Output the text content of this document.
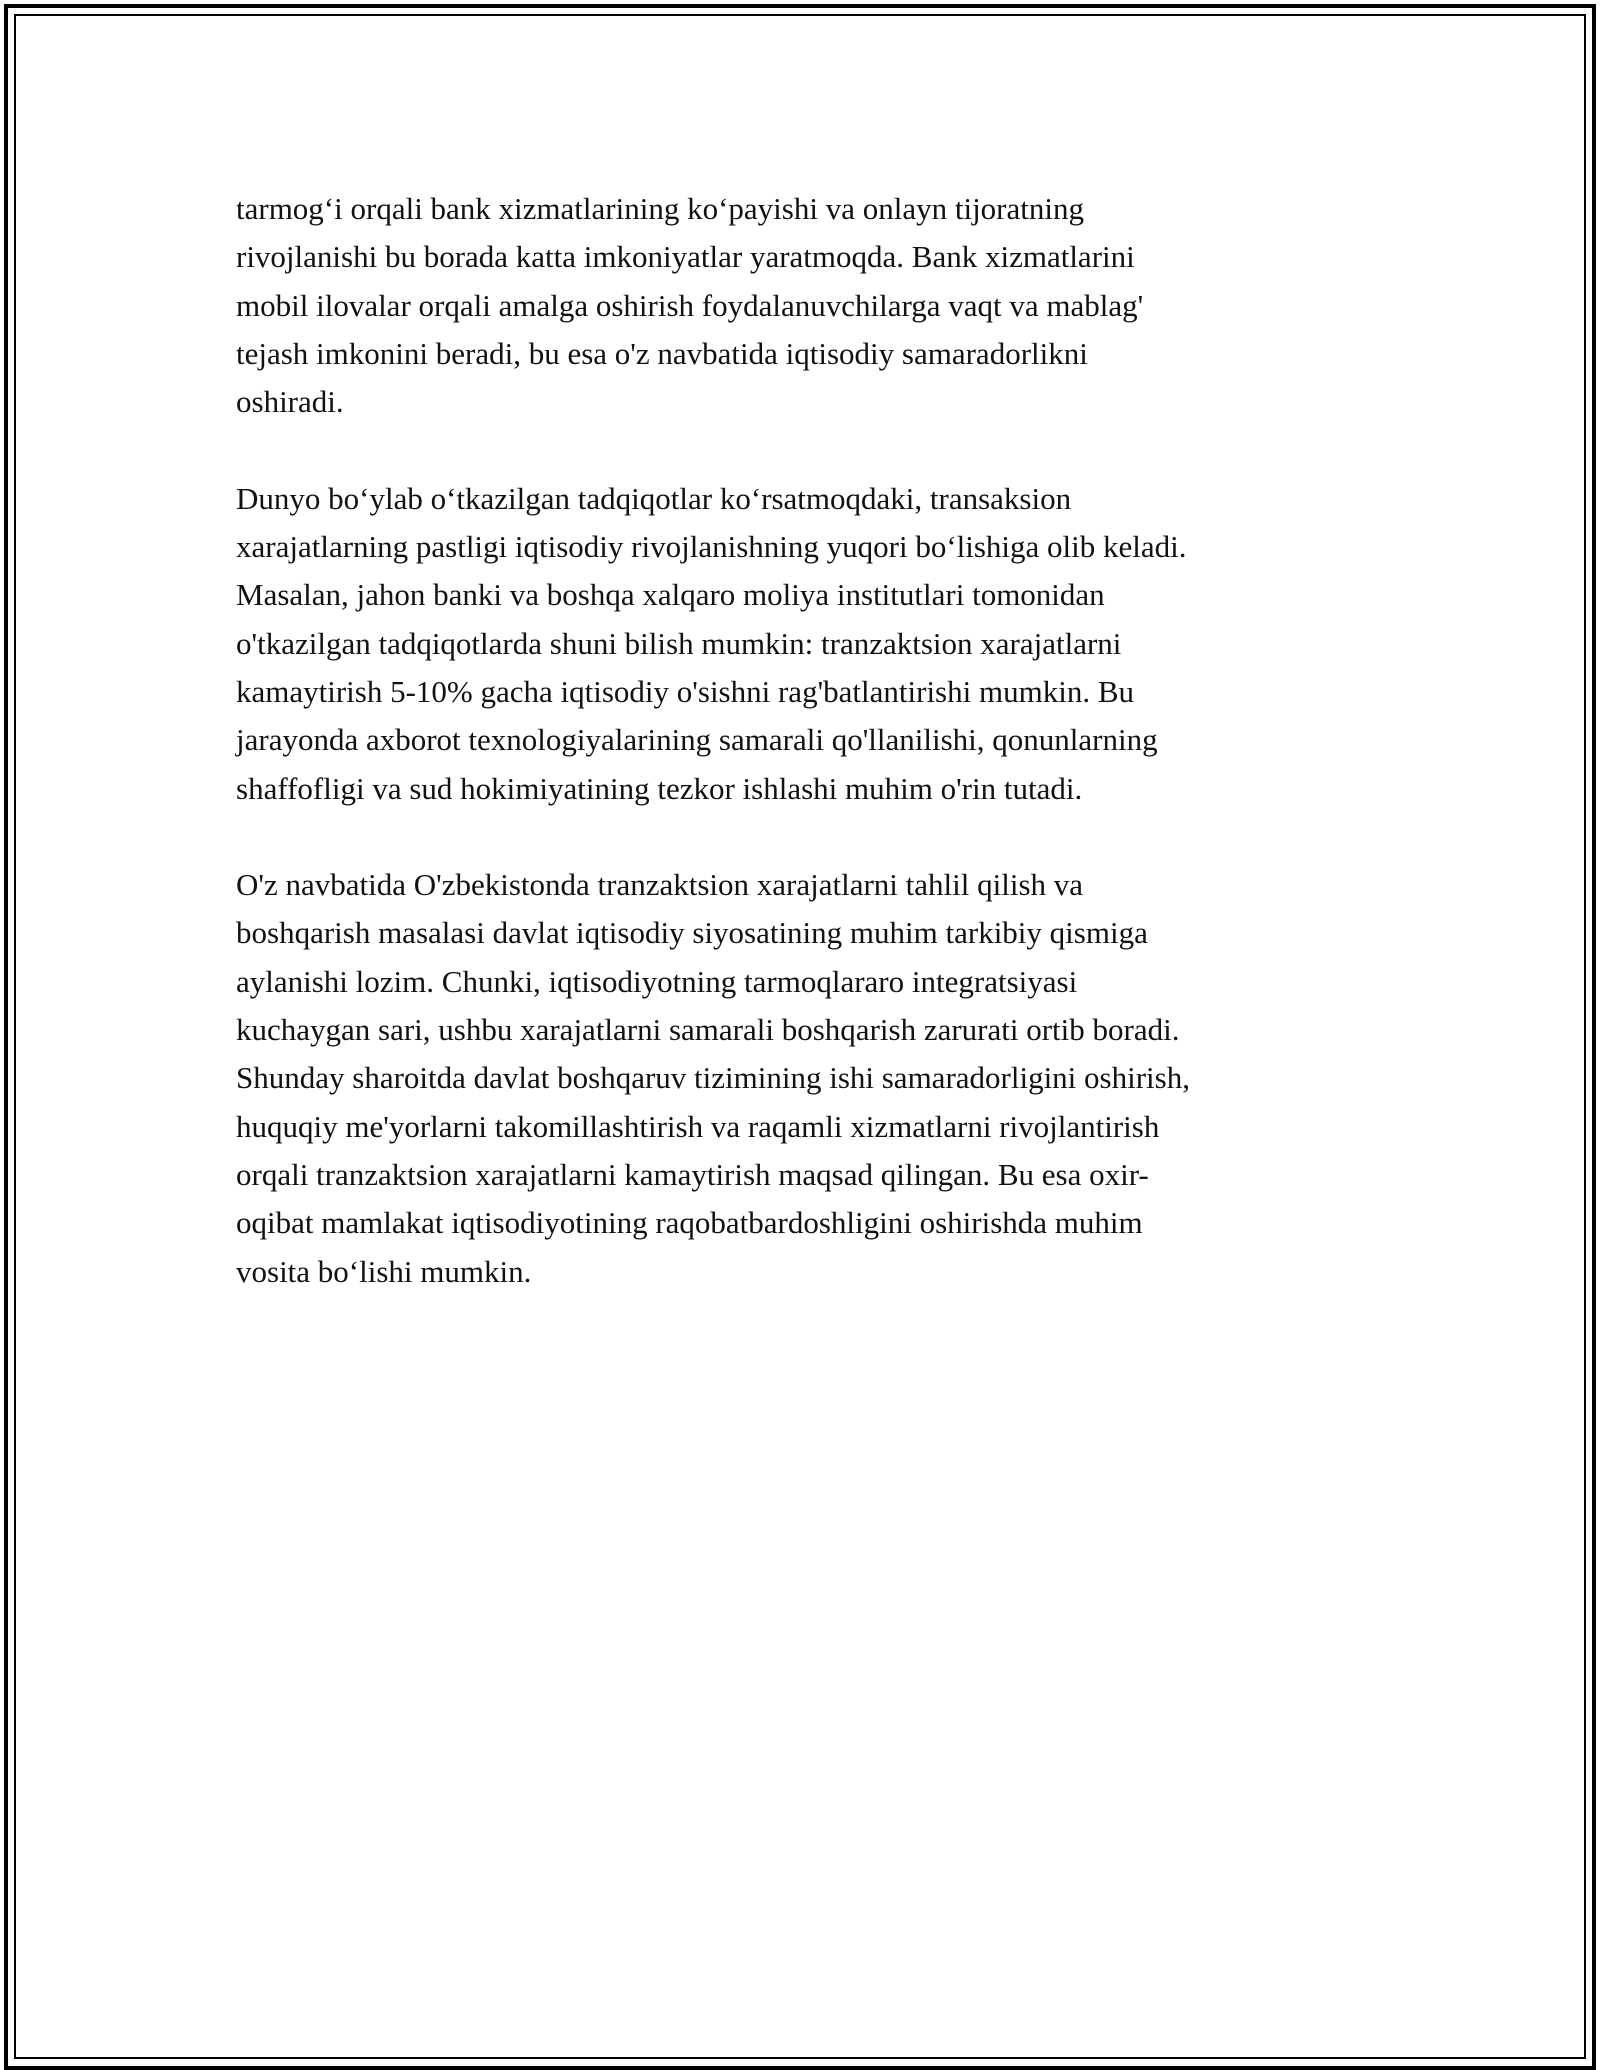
tarmog‘i orqali bank xizmatlarining ko‘payishi va onlayn tijoratning
rivojlanishi bu borada katta imkoniyatlar yaratmoqda. Bank xizmatlarini
mobil ilovalar orqali amalga oshirish foydalanuvchilarga vaqt va mablag'
tejash imkonini beradi, bu esa o'z navbatida iqtisodiy samaradorlikni
oshiradi.

Dunyo bo‘ylab o‘tkazilgan tadqiqotlar ko‘rsatmoqdaki, transaksion
xarajatlarning pastligi iqtisodiy rivojlanishning yuqori bo‘lishiga olib keladi.
Masalan, jahon banki va boshqa xalqaro moliya institutlari tomonidan
o'tkazilgan tadqiqotlarda shuni bilish mumkin: tranzaktsion xarajatlarni
kamaytirish 5-10% gacha iqtisodiy o'sishni rag'batlantirishi mumkin. Bu
jarayonda axborot texnologiyalarining samarali qo'llanilishi, qonunlarning
shaffofligi va sud hokimiyatining tezkor ishlashi muhim o'rin tutadi.

O'z navbatida O'zbekistonda tranzaktsion xarajatlarni tahlil qilish va
boshqarish masalasi davlat iqtisodiy siyosatining muhim tarkibiy qismiga
aylanishi lozim. Chunki, iqtisodiyotning tarmoqlararo integratsiyasi
kuchaygan sari, ushbu xarajatlarni samarali boshqarish zarurati ortib boradi.
Shunday sharoitda davlat boshqaruv tizimining ishi samaradorligini oshirish,
huquqiy me'yorlarni takomillashtirish va raqamli xizmatlarni rivojlantirish
orqali tranzaktsion xarajatlarni kamaytirish maqsad qilingan. Bu esa oxir-
oqibat mamlakat iqtisodiyotining raqobatbardoshligini oshirishda muhim
vosita bo‘lishi mumkin.
